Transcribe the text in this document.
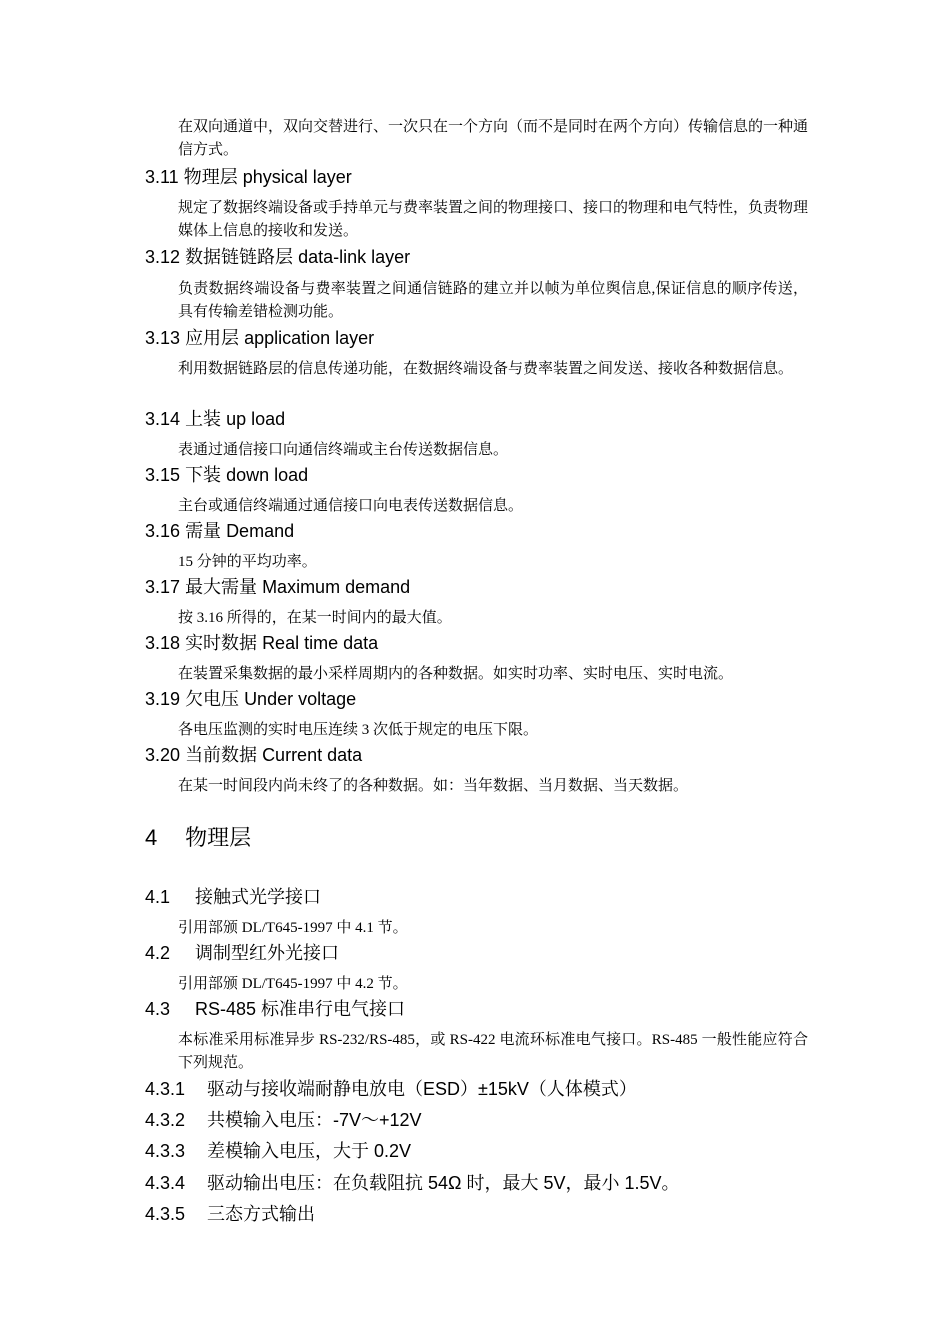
在双向通道中，双向交替进行、一次只在一个方向（而不是同时在两个方向）传输信息的一种通信方式。
3.11 物理层 physical layer
规定了数据终端设备或手持单元与费率装置之间的物理接口、接口的物理和电气特性，负责物理媒体上信息的接收和发送。
3.12 数据链链路层 data-link layer
负责数据终端设备与费率装置之间通信链路的建立并以帧为单位舆信息,保证信息的顺序传送，具有传输差错检测功能。
3.13 应用层 application layer
利用数据链路层的信息传递功能，在数据终端设备与费率装置之间发送、接收各种数据信息。
3.14 上装 up load
表通过通信接口向通信终端或主台传送数据信息。
3.15 下装 down load
主台或通信终端通过通信接口向电表传送数据信息。
3.16 需量 Demand
15 分钟的平均功率。
3.17 最大需量 Maximum demand
按 3.16 所得的，在某一时间内的最大值。
3.18 实时数据 Real time data
在装置采集数据的最小采样周期内的各种数据。如实时功率、实时电压、实时电流。
3.19 欠电压 Under voltage
各电压监测的实时电压连续 3 次低于规定的电压下限。
3.20 当前数据 Current data
在某一时间段内尚未终了的各种数据。如：当年数据、当月数据、当天数据。
4 物理层
4.1 接触式光学接口
引用部颁 DL/T645-1997 中 4.1 节。
4.2 调制型红外光接口
引用部颁 DL/T645-1997 中 4.2 节。
4.3 RS-485 标准串行电气接口
本标准采用标准异步 RS-232/RS-485，或 RS-422 电流环标准电气接口。RS-485 一般性能应符合下列规范。
4.3.1 驱动与接收端耐静电放电（ESD）±15kV（人体模式）
4.3.2 共模输入电压：-7V～+12V
4.3.3 差模输入电压，大于 0.2V
4.3.4 驱动输出电压：在负载阻抗 54Ω 时，最大 5V，最小 1.5V。
4.3.5 三态方式输出
